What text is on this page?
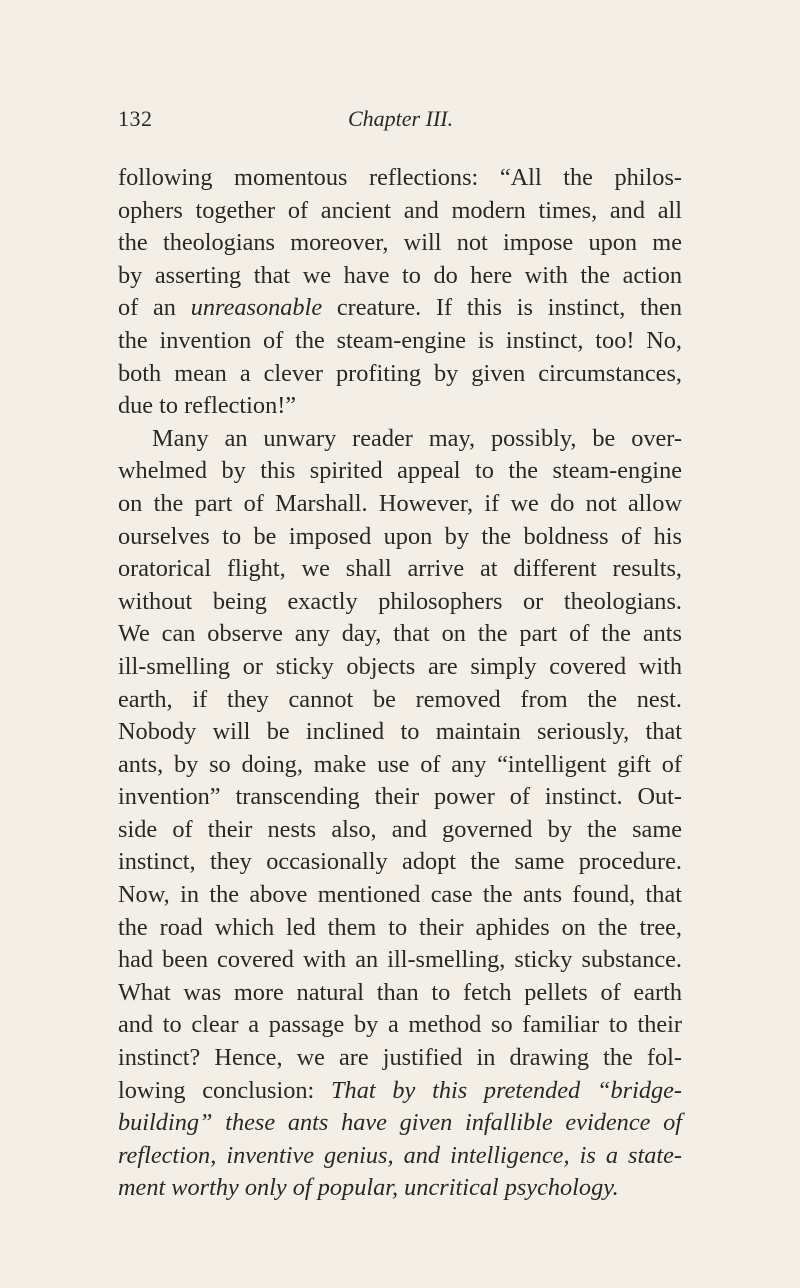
132	Chapter III.
following momentous reflections: “All the philos-
ophers together of ancient and modern times, and all
the theologians moreover, will not impose upon me
by asserting that we have to do here with the action
of an unreasonable creature. If this is instinct, then
the invention of the steam-engine is instinct, too! No,
both mean a clever profiting by given circumstances,
due to reflection!”
Many an unwary reader may, possibly, be over-
whelmed by this spirited appeal to the steam-engine
on the part of Marshall. However, if we do not allow
ourselves to be imposed upon by the boldness of his
oratorical flight, we shall arrive at different results,
without being exactly philosophers or theologians.
We can observe any day, that on the part of the ants
ill-smelling or sticky objects are simply covered with
earth, if they cannot be removed from the nest.
Nobody will be inclined to maintain seriously, that
ants, by so doing, make use of any “intelligent gift of
invention” transcending their power of instinct. Out-
side of their nests also, and governed by the same
instinct, they occasionally adopt the same procedure.
Now, in the above mentioned case the ants found, that
the road which led them to their aphides on the tree,
had been covered with an ill-smelling, sticky substance.
What was more natural than to fetch pellets of earth
and to clear a passage by a method so familiar to their
instinct? Hence, we are justified in drawing the fol-
lowing conclusion: That by this pretended “bridge-
building” these ants have given infallible evidence of
reflection, inventive genius, and intelligence, is a state-
ment worthy only of popular, uncritical psychology.
